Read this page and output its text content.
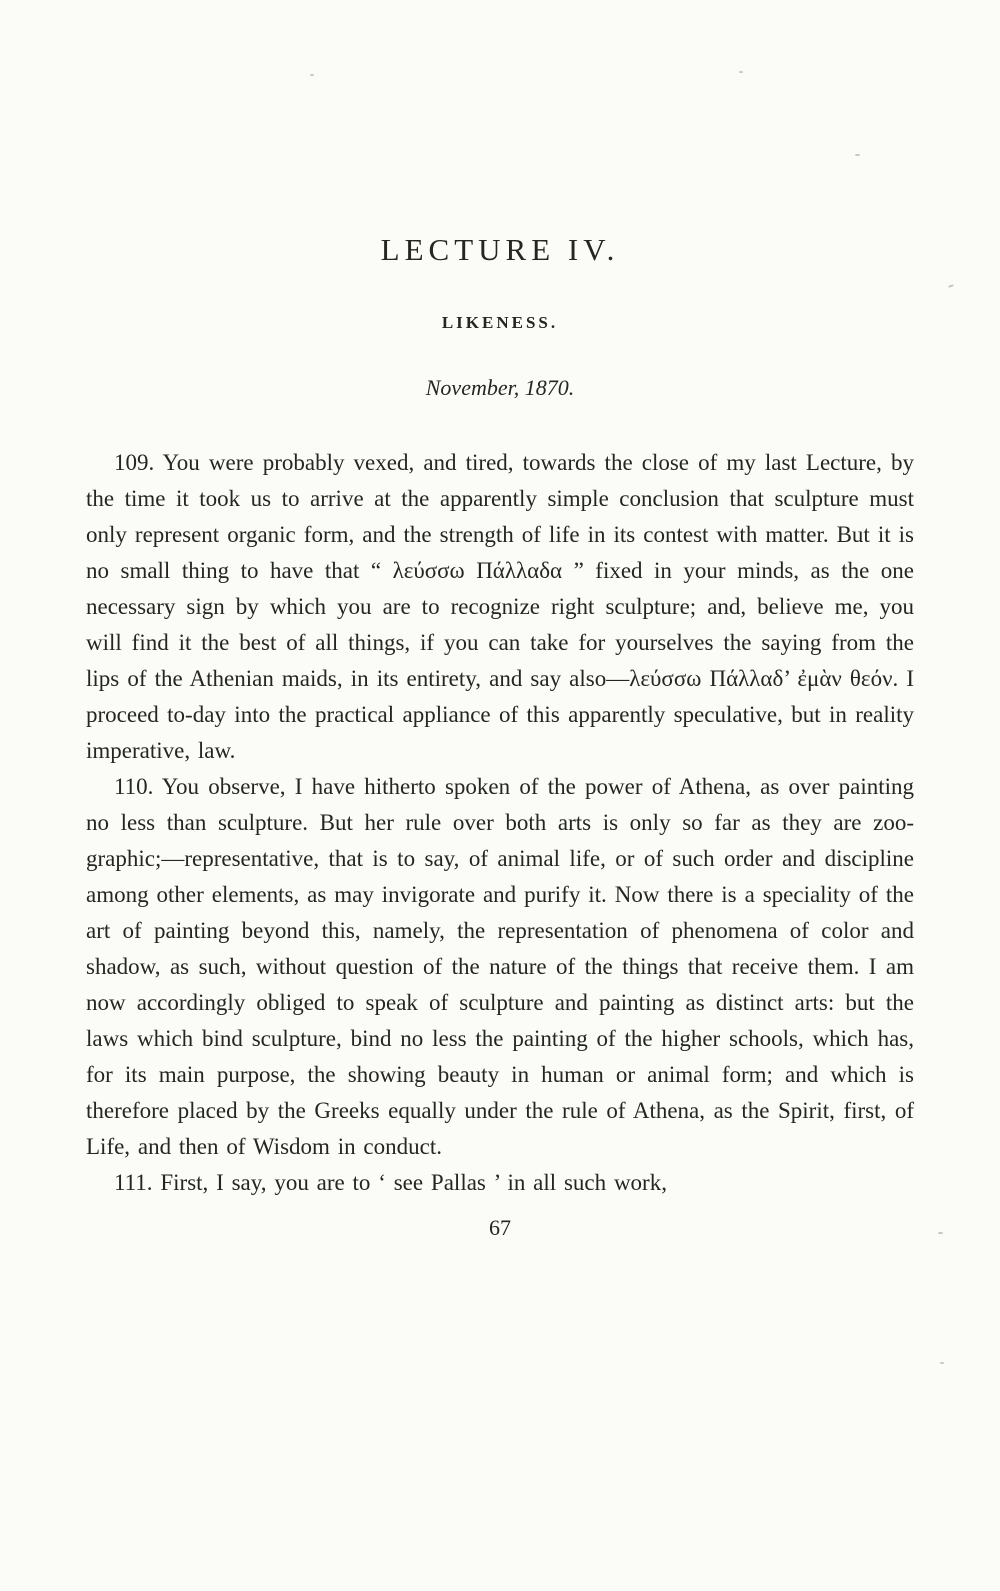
LECTURE IV.
LIKENESS.
November, 1870.

109. You were probably vexed, and tired, towards the close of my last Lecture, by the time it took us to arrive at the apparently simple conclusion that sculpture must only represent organic form, and the strength of life in its contest with matter. But it is no small thing to have that “ λεύσσω Πάλλαδα ” fixed in your minds, as the one necessary sign by which you are to recognize right sculpture; and, believe me, you will find it the best of all things, if you can take for yourselves the saying from the lips of the Athenian maids, in its entirety, and say also—λεύσσω Πάλλαδ’ ἐμὰν θεόν. I proceed to-day into the practical appliance of this apparently speculative, but in reality imperative, law.

110. You observe, I have hitherto spoken of the power of Athena, as over painting no less than sculpture. But her rule over both arts is only so far as they are zoo-graphic;—representative, that is to say, of animal life, or of such order and discipline among other elements, as may invigorate and purify it. Now there is a speciality of the art of painting beyond this, namely, the representation of phenomena of color and shadow, as such, without question of the nature of the things that receive them. I am now accordingly obliged to speak of sculpture and painting as distinct arts: but the laws which bind sculpture, bind no less the painting of the higher schools, which has, for its main purpose, the showing beauty in human or animal form; and which is therefore placed by the Greeks equally under the rule of Athena, as the Spirit, first, of Life, and then of Wisdom in conduct.

111. First, I say, you are to ‘ see Pallas ’ in all such work,

67
